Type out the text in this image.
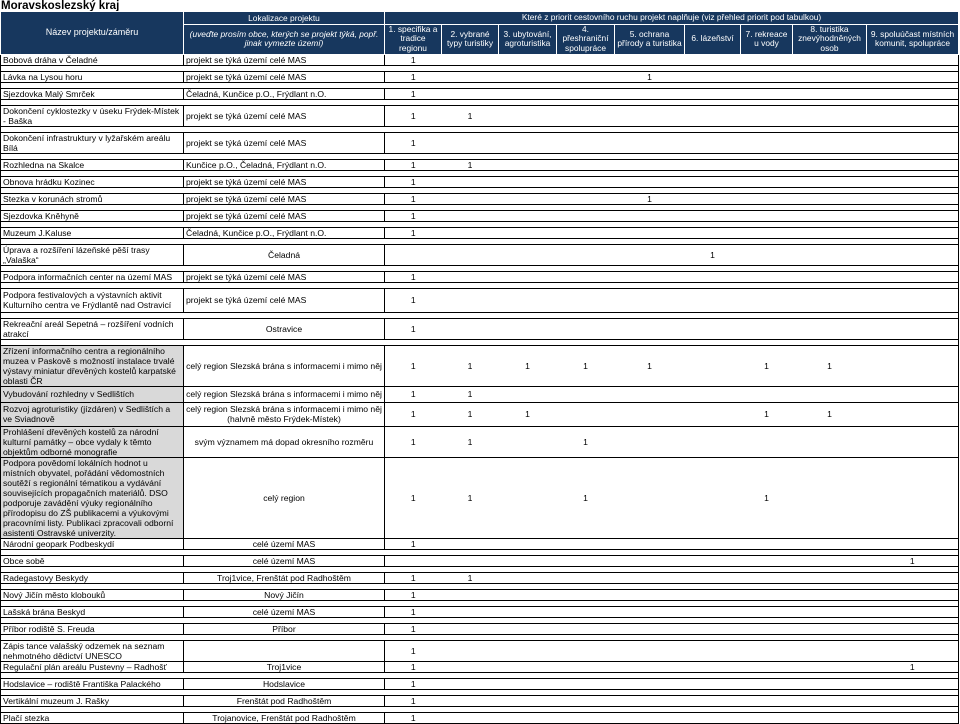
Moravskoslezský kraj
Název projektu/záměru	Lokalizace projektu	Které z priorit cestovního ruchu projekt naplňuje (viz přehled priorit pod tabulkou)								
	(uveďte prosím obce, kterých se projekt týká, popř. jinak vymezte území)	1. specifika a tradice regionu	2. vybrané typy turistiky	3. ubytování, agroturistika	4. přeshraniční spolupráce	5. ochrana přírody a turistika	6. lázeňství	7. rekreace u vody	8. turistika znevýhodněných osob	9. spoluúčast místních komunit, spolupráce
Bobová dráha v Čeladné	projekt se týká území celé MAS	1								

Lávka na Lysou horu	projekt se týká území celé MAS	1				1				

Sjezdovka Malý Smrček	Čeladná, Kunčice p.O., Frýdlant n.O.	1								

Dokončení cyklostezky v úseku Frýdek-Místek - Baška	projekt se týká území celé MAS	1	1							

Dokončení infrastruktury v lyžařském areálu Bílá	projekt se týká území celé MAS	1								

Rozhledna na Skalce	Kunčice p.O., Čeladná, Frýdlant n.O.	1	1							

Obnova hrádku Kozinec	projekt se týká území celé MAS	1								

Stezka v korunách stromů	projekt se týká území celé MAS	1				1				

Sjezdovka Kněhyně	projekt se týká území celé MAS	1								

Muzeum J.Kaluse	Čeladná, Kunčice p.O., Frýdlant n.O.	1								

Úprava a rozšíření lázeňské pěší trasy „Valaška“	Čeladná						1			

Podpora informačních center na území MAS	projekt se týká území celé MAS	1								

Podpora festivalových a výstavních aktivit Kulturního centra ve Frýdlantě nad Ostravicí	projekt se týká území celé MAS	1								

Rekreační areál Sepetná – rozšíření vodních atrakcí	Ostravice	1								

Zřízení informačního centra a regionálního muzea v Paskově s možností instalace trvalé výstavy miniatur dřevěných kostelů karpatské oblasti ČR	celý region Slezská brána s informacemi i mimo něj	1	1	1	1	1		1	1	
Vybudování rozhledny v Sedlištích	celý region Slezská brána s informacemi i mimo něj	1	1							
Rozvoj agroturistiky (jízdáren) v Sedlištích a ve Sviadnově	celý region Slezská brána s informacemi i mimo něj (halvně město Frýdek-Místek)	1	1	1				1	1	
Prohlášení dřevěných kostelů za národní kulturní památky – obce vydaly k těmto objektům odborné monografie	svým významem má dopad okresního rozměru	1	1		1					
Podpora povědomí lokálních hodnot u místních obyvatel, pořádání vědomostních soutěží s regionální tématikou a vydávání souvisejících propagačních materiálů. DSO podporuje zavádění výuky regionálního přírodopisu do ZŠ publikacemi a výukovými pracovními listy. Publikaci zpracovali odborní asistenti Ostravské univerzity.	celý region	1	1		1			1		
Národní geopark Podbeskydí	celé území MAS	1								

Obce sobě	celé území MAS									1

Radegastovy Beskydy	Troj1vice, Frenštát pod Radhoštěm	1	1							

Nový Jičín město klobouků	Nový Jičín	1								

Lašská brána Beskyd	celé území MAS	1								

Příbor rodiště S. Freuda	Příbor	1								

Zápis tance valašský odzemek na seznam nehmotného dědictví UNESCO		1								
Regulační plán areálu Pustevny – Radhošť	Troj1vice	1								1

Hodslavice – rodiště Františka Palackého	Hodslavice	1								

Vertikální muzeum J. Rašky	Frenštát pod Radhoštěm	1								

Plačí stezka	Trojanovice, Frenštát pod Radhoštěm	1								
